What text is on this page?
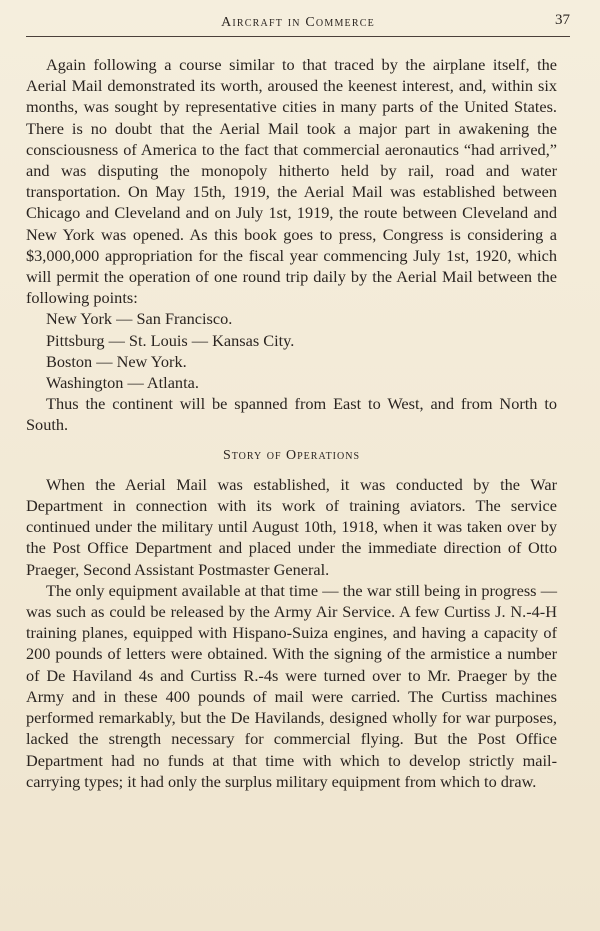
Aircraft in Commerce	37

Again following a course similar to that traced by the airplane itself, the Aerial Mail demonstrated its worth, aroused the keenest interest, and, within six months, was sought by representative cities in many parts of the United States. There is no doubt that the Aerial Mail took a major part in awakening the consciousness of America to the fact that commercial aeronautics “had arrived,” and was disputing the monopoly hitherto held by rail, road and water transportation. On May 15th, 1919, the Aerial Mail was established between Chicago and Cleveland and on July 1st, 1919, the route between Cleveland and New York was opened. As this book goes to press, Congress is considering a $3,000,000 appropriation for the fiscal year commencing July 1st, 1920, which will permit the operation of one round trip daily by the Aerial Mail between the following points:

New York — San Francisco.

Pittsburg — St. Louis — Kansas City.

Boston — New York.

Washington — Atlanta.

Thus the continent will be spanned from East to West, and from North to South.

Story of Operations

When the Aerial Mail was established, it was conducted by the War Department in connection with its work of training aviators. The service continued under the military until August 10th, 1918, when it was taken over by the Post Office Department and placed under the immediate direction of Otto Praeger, Second Assistant Postmaster General.

The only equipment available at that time — the war still being in progress — was such as could be released by the Army Air Service. A few Curtiss J. N.-4-H training planes, equipped with Hispano-Suiza engines, and having a capacity of 200 pounds of letters were obtained. With the signing of the armistice a number of De Haviland 4s and Curtiss R.-4s were turned over to Mr. Praeger by the Army and in these 400 pounds of mail were carried. The Curtiss machines performed remarkably, but the De Havilands, designed wholly for war purposes, lacked the strength necessary for commercial flying. But the Post Office Department had no funds at that time with which to develop strictly mail-carrying types; it had only the surplus military equipment from which to draw.
